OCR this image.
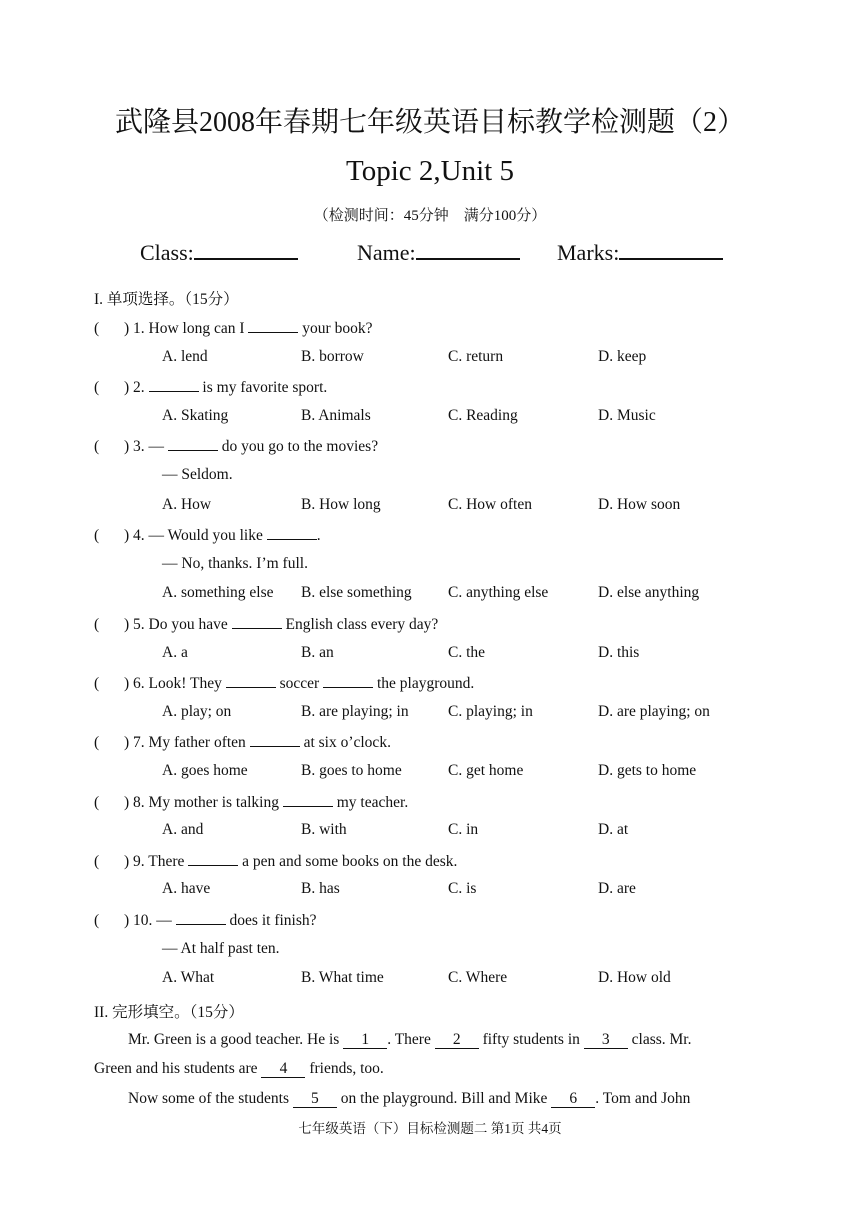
武隆县2008年春期七年级英语目标教学检测题（2）
Topic 2,Unit 5
（检测时间：45分钟　满分100分）
Class:	Name:	Marks:
I. 单项选择。（15分）
( ) 1. How long can I	your book?
A. lend	B. borrow	C. return	D. keep
( ) 2.	is my favorite sport.
A. Skating	B. Animals	C. Reading	D. Music
( ) 3. —	do you go to the movies?
— Seldom.
A. How	B. How long	C. How often	D. How soon
( ) 4. — Would you like	.
— No, thanks. I’m full.
A. something else B. else something C. anything else	D. else anything
( ) 5. Do you have	English class every day?
A. a	B. an	C. the	D. this
( ) 6. Look! They	soccer	the playground.
A. play; on	B. are playing; in	C. playing; in	D. are playing; on
( ) 7. My father often	at six o’clock.
A. goes home	B. goes to home	C. get home	D. gets to home
( ) 8. My mother is talking	my teacher.
A. and	B. with	C. in	D. at
( ) 9. There	a pen and some books on the desk.
A. have	B. has	C. is	D. are
( ) 10. —	does it finish?
— At half past ten.
A. What	B. What time	C. Where	D. How old
II. 完形填空。（15分）
Mr. Green is a good teacher. He is 1 . There 2 fifty students in 3 class. Mr.
Green and his students are 4 friends, too.
Now some of the students 5 on the playground. Bill and Mike 6 . Tom and John
七年级英语（下）目标检测题二 第1页 共4页
